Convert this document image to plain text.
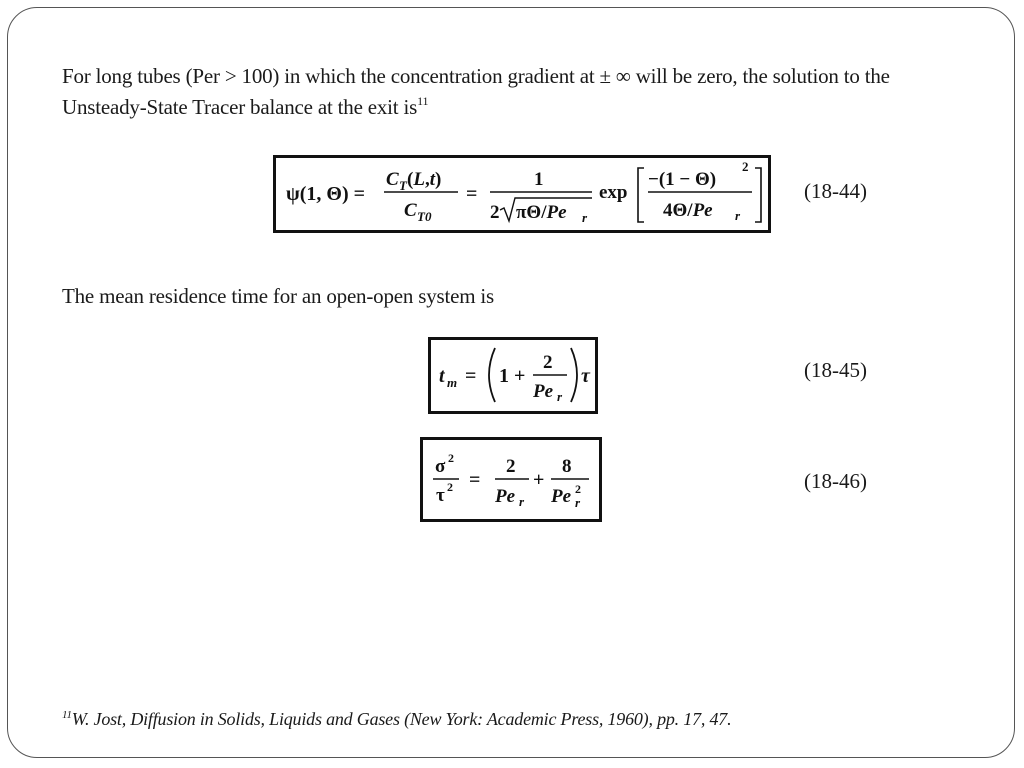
For long tubes (Per > 100) in which the concentration gradient at ± ∞ will be zero, the solution to the Unsteady-State Tracer balance at the exit $is^{11}$
ψ(1, Θ) =
C T (L,t)
C T0
=
1
2 πΘ/Pe r
exp
−(1 − Θ)
2
4Θ/Pe r
(18-44)
The mean residence time for an open-open system is
t m = 1 +
2
Pe r
τ	(18-45)
σ 2
τ 2 =
2
Pe r
+
8
Pe 2
r
(18-46)
$^{11}$W. Jost, Diffusion in Solids, Liquids and Gases (New York: Academic Press, 1960), pp. 17, 47.
